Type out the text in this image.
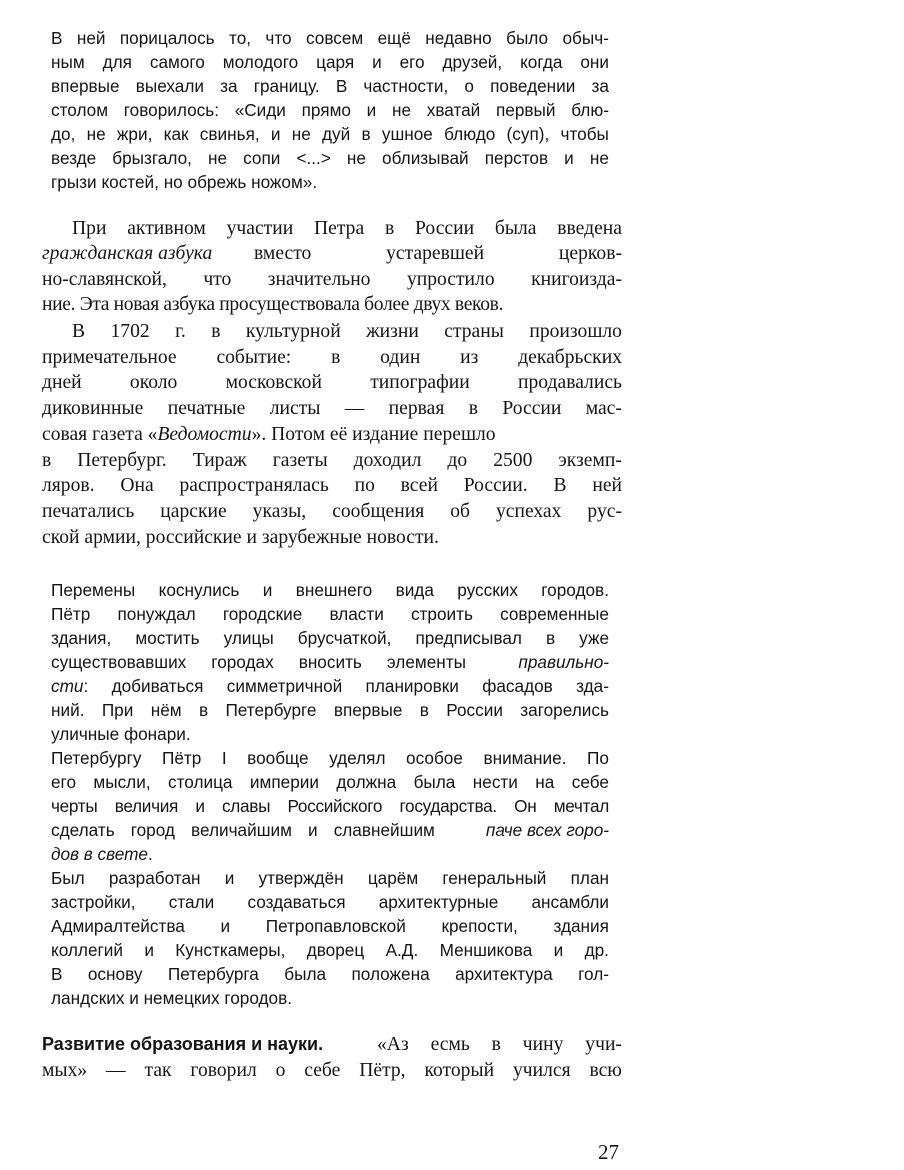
В ней порицалось то, что совсем ещё недавно было обыч-
ным для самого молодого царя и его друзей, когда они
впервые выехали за границу. В частности, о поведении за
столом говорилось: «Сиди прямо и не хватай первый блю-
до, не жри, как свинья, и не дуй в ушное блюдо (суп), чтобы
везде брызгало, не сопи <...> не облизывай перстов и не
грызи костей, но обрежь ножом».
При активном участии Петра в России была введена
гражданская азбука вместо	устаревшей	церков-
но-славянской, что значительно упростило книгоизда-
ние. Эта новая азбука просуществовала более двух веков.
В 1702 г. в культурной жизни страны произошло
примечательное событие: в один из декабрьских
дней около московской типографии продавались
диковинные печатные листы — первая в России мас-
совая газета «Ведомости». Потом её издание перешло
в Петербург. Тираж газеты доходил до 2500 экземп-
ляров. Она распространялась по всей России. В ней
печатались царские указы, сообщения об успехах рус-
ской армии, российские и зарубежные новости.
Перемены коснулись и внешнего вида русских городов.
Пётр понуждал городские власти строить современные
здания, мостить улицы брусчаткой, предписывал в уже
существовавших городах вносить элементы	правильно-
сти : добиваться симметричной планировки фасадов зда-
ний. При нём в Петербурге впервые в России загорелись
уличные фонари.
Петербургу Пётр I вообще уделял особое внимание. По
его мысли, столица империи должна была нести на себе
черты величия и славы Российского государства. Он мечтал
сделать город величайшим и славнейшим	паче всех горо-
дов в свете.
Был разработан и утверждён царём генеральный план
застройки, стали создаваться архитектурные ансамбли
Адмиралтейства и Петропавловской крепости, здания
коллегий и Кунсткамеры, дворец А.Д. Меншикова и др.
В основу Петербурга была положена архитектура гол-
ландских и немецких городов.
Развитие образования и науки.	«Аз есмь в чину учи-
мых» — так говорил о себе Пётр, который учился всю
27
